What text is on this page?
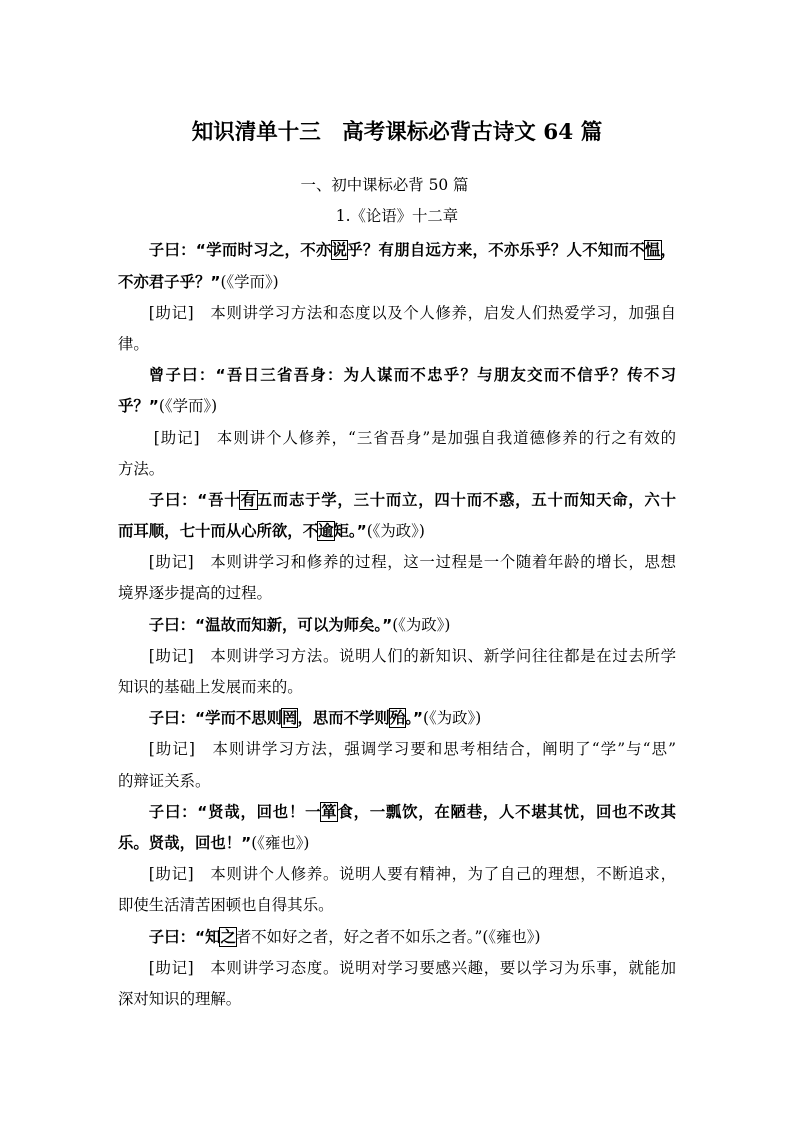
知识清单十三　高考课标必背古诗文 64 篇
一、初中课标必背 50 篇
1.《论语》十二章
子曰：“学而时习之，不亦说乎？有朋自远方来，不亦乐乎？人不知而不愠，
不亦君子乎？”(《学而》)
[助记]　本则讲学习方法和态度以及个人修养，启发人们热爱学习，加强自
律。
曾子曰：“吾日三省吾身：为人谋而不忠乎？与朋友交而不信乎？传不习
乎？”(《学而》)
[助记]　本则讲个人修养，“三省吾身”是加强自我道德修养的行之有效的
方法。
子曰：“吾十有五而志于学，三十而立，四十而不惑，五十而知天命，六十
而耳顺，七十而从心所欲，不逾矩。”(《为政》)
[助记]　本则讲学习和修养的过程，这一过程是一个随着年龄的增长，思想
境界逐步提高的过程。
子曰：“温故而知新，可以为师矣。”(《为政》)
[助记]　本则讲学习方法。说明人们的新知识、新学问往往都是在过去所学
知识的基础上发展而来的。
子曰：“学而不思则罔，思而不学则殆。”(《为政》)
[助记]　本则讲学习方法，强调学习要和思考相结合，阐明了“学”与“思”
的辩证关系。
子曰：“贤哉，回也！一箪食，一瓢饮，在陋巷，人不堪其忧，回也不改其
乐。贤哉，回也！”(《雍也》)
[助记]　本则讲个人修养。说明人要有精神，为了自己的理想，不断追求，
即使生活清苦困顿也自得其乐。
子曰：“知之者不如好之者，好之者不如乐之者。”(《雍也》)
[助记]　本则讲学习态度。说明对学习要感兴趣，要以学习为乐事，就能加
深对知识的理解。
